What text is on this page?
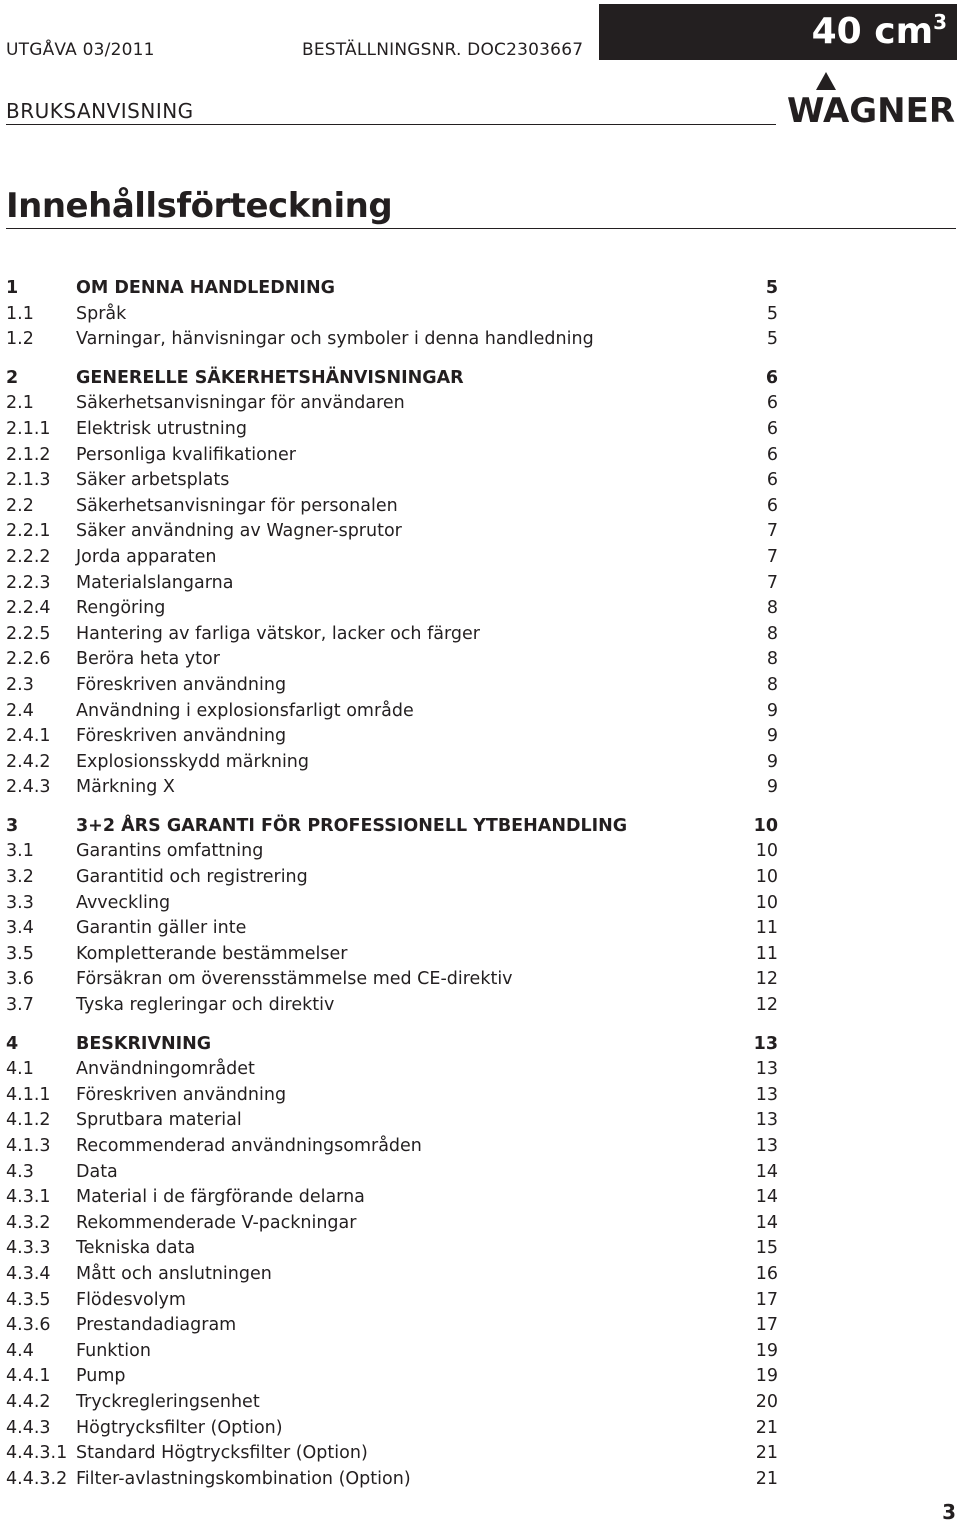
UTGÅVA 03/2011	BESTÄLLNINGSNR. DOC2303667
BRUKSANVISNING
40 $cm^3$
WAGNER
Innehållsförteckning
1	OM DENNA HANDLEDNING	5
1.1 Språk	5
1.2 Varningar, hänvisningar och symboler i denna handledning	5
2	GENERELLE SÄKERHETSHÄNVISNINGAR	6
2.1 Säkerhetsanvisningar för användaren	6
2.1.1 Elektrisk utrustning	6
2.1.2 Personliga kvalifikationer	6
2.1.3 Säker arbetsplats	6
2.2 Säkerhetsanvisningar för personalen	6
2.2.1 Säker användning av Wagner-sprutor	7
2.2.2 Jorda apparaten	7
2.2.3 Materialslangarna	7
2.2.4 Rengöring	8
2.2.5 Hantering av farliga vätskor, lacker och färger	8
2.2.6 Beröra heta ytor	8
2.3 Föreskriven användning	8
2.4 Användning i explosionsfarligt område	9
2.4.1 Föreskriven användning	9
2.4.2 Explosionsskydd märkning	9
2.4.3 Märkning X	9
3	3+2 ÅRS GARANTI FÖR PROFESSIONELL YTBEHANDLING	10
3.1 Garantins omfattning	10
3.2 Garantitid och registrering	10
3.3 Avveckling	10
3.4 Garantin gäller inte	11
3.5 Kompletterande bestämmelser	11
3.6 Försäkran om överensstämmelse med CE-direktiv	12
3.7 Tyska regleringar och direktiv	12
4	BESKRIVNING	13
4.1 Användningområdet	13
4.1.1 Föreskriven användning	13
4.1.2 Sprutbara material	13
4.1.3 Recommenderad användningsområden	13
4.3 Data	14
4.3.1 Material i de färgförande delarna	14
4.3.2 Rekommenderade V-packningar	14
4.3.3 Tekniska data	15
4.3.4 Mått och anslutningen	16
4.3.5 Flödesvolym	17
4.3.6 Prestandadiagram	17
4.4 Funktion	19
4.4.1 Pump	19
4.4.2 Tryckregleringsenhet	20
4.4.3 Högtrycksfilter (Option)	21
4.4.3.1 Standard Högtrycksfilter (Option)	21
4.4.3.2 Filter-avlastningskombination (Option)	21
3
